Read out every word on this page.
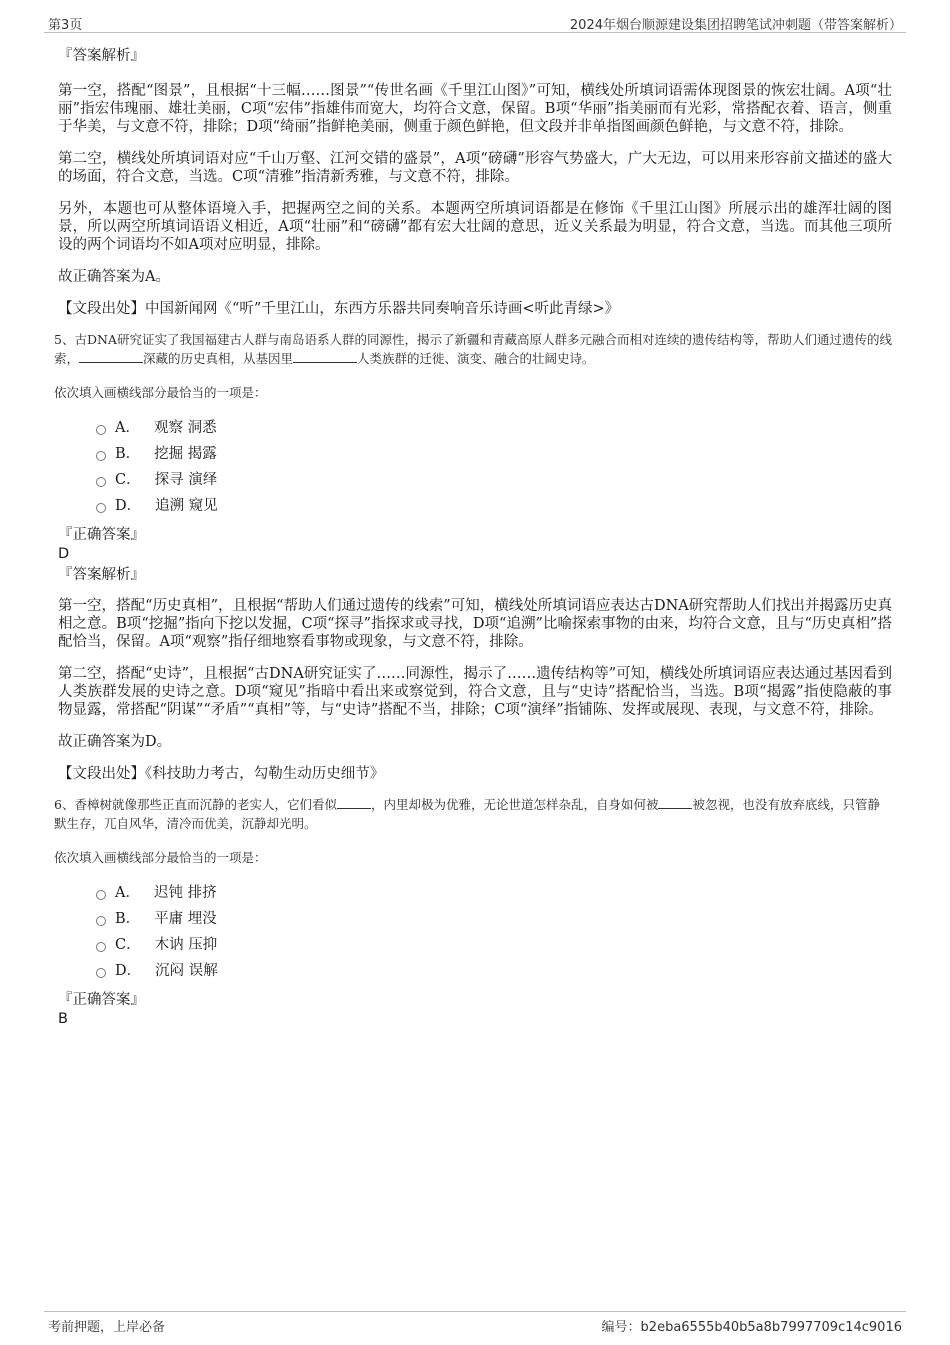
第3页	2024年烟台顺源建设集团招聘笔试冲刺题（带答案解析）

『答案解析』

第一空，搭配“图景”，且根据“十三幅……图景”“传世名画《千里江山图》”可知，横线处所填词语需体现图景的恢宏壮阔。A项“壮丽”指宏伟瑰丽、雄壮美丽，C项“宏伟”指雄伟而宽大，均符合文意，保留。B项“华丽”指美丽而有光彩，常搭配衣着、语言，侧重于华美，与文意不符，排除；D项“绮丽”指鲜艳美丽，侧重于颜色鲜艳，但文段并非单指图画颜色鲜艳，与文意不符，排除。

第二空，横线处所填词语对应“千山万壑、江河交错的盛景”，A项“磅礴”形容气势盛大，广大无边，可以用来形容前文描述的盛大的场面，符合文意，当选。C项“清雅”指清新秀雅，与文意不符，排除。

另外，本题也可从整体语境入手，把握两空之间的关系。本题两空所填词语都是在修饰《千里江山图》所展示出的雄浑壮阔的图景，所以两空所填词语语义相近，A项“壮丽”和“磅礴”都有宏大壮阔的意思，近义关系最为明显，符合文意，当选。而其他三项所设的两个词语均不如A项对应明显，排除。

故正确答案为A。

【文段出处】中国新闻网《“听”千里江山，东西方乐器共同奏响音乐诗画<听此青绿>》

5、古DNA研究证实了我国福建古人群与南岛语系人群的同源性，揭示了新疆和青藏高原人群多元融合而相对连续的遗传结构等，帮助人们通过遗传的线索，	深藏的历史真相，从基因里	人类族群的迁徙、演变、融合的壮阔史诗。

依次填入画横线部分最恰当的一项是：

A． 观察 洞悉
B． 挖掘 揭露
C． 探寻 演绎
D． 追溯 窥见

『正确答案』

D

『答案解析』

第一空，搭配“历史真相”，且根据“帮助人们通过遗传的线索”可知，横线处所填词语应表达古DNA研究帮助人们找出并揭露历史真相之意。B项“挖掘”指向下挖以发掘，C项“探寻”指探求或寻找，D项“追溯”比喻探索事物的由来，均符合文意，且与“历史真相”搭配恰当，保留。A项“观察”指仔细地察看事物或现象，与文意不符，排除。

第二空，搭配“史诗”，且根据“古DNA研究证实了……同源性，揭示了……遗传结构等”可知，横线处所填词语应表达通过基因看到人类族群发展的史诗之意。D项“窥见”指暗中看出来或察觉到，符合文意，且与“史诗”搭配恰当，当选。B项“揭露”指使隐蔽的事物显露，常搭配“阴谋”“矛盾”“真相”等，与“史诗”搭配不当，排除；C项“演绎”指铺陈、发挥或展现、表现，与文意不符，排除。

故正确答案为D。

【文段出处】《科技助力考古，勾勒生动历史细节》

6、香樟树就像那些正直而沉静的老实人，它们看似	，内里却极为优雅，无论世道怎样杂乱，自身如何被	被忽视，也没有放弃底线，只管静默生存，兀自风华，清冷而优美，沉静却光明。

依次填入画横线部分最恰当的一项是：

A． 迟钝 排挤
B． 平庸 埋没
C． 木讷 压抑
D． 沉闷 误解

『正确答案』

B

考前押题，上岸必备	编号：b2eba6555b40b5a8b7997709c14c9016
